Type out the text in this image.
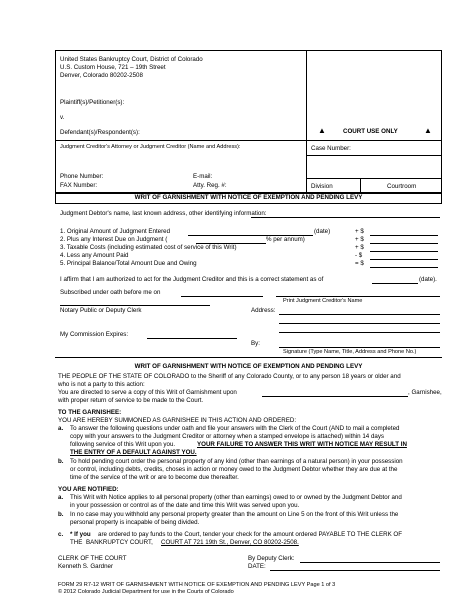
United States Bankruptcy Court, District of Colorado
U.S. Custom House, 721 – 19th Street
Denver, Colorado 80202-2508
Plaintiff(s)/Petitioner(s):
v.
Defendant(s)/Respondent(s):	▲	COURT USE ONLY	▲
Judgment Creditor's Attorney or Judgment Creditor (Name and Address):	Case Number:
Phone Number:	E-mail:
FAX Number:	Atty. Reg. #:	Division	Courtroom
WRIT OF GARNISHMENT WITH NOTICE OF EXEMPTION AND PENDING LEVY
Judgment Debtor's name, last known address, other identifying information:
1. Original Amount of Judgment Entered	(date)	+ $
2. Plus any Interest Due on Judgment (	% per annum)	+ $
3. Taxable Costs (including estimated cost of service of this Writ)	+ $
4. Less any Amount Paid	- $
5. Principal Balance/Total Amount Due and Owing	= $
I affirm that I am authorized to act for the Judgment Creditor and this is a correct statement as of	(date).
Subscribed under oath before me on
Print Judgment Creditor's Name
Address:
Notary Public or Deputy Clerk
My Commission Expires:
By:
Signature (Type Name, Title, Address and Phone No.)
WRIT OF GARNISHMENT WITH NOTICE OF EXEMPTION AND PENDING LEVY
THE PEOPLE OF THE STATE OF COLORADO to the Sheriff of any Colorado County, or to any person 18 years or older and
who is not a party to this action:
You are directed to serve a copy of this Writ of Garnishment upon	, Garnishee,
with proper return of service to be made to the Court.
TO THE GARNISHEE:
YOU ARE HEREBY SUMMONED AS GARNISHEE IN THIS ACTION AND ORDERED:
a. To answer the following questions under oath and file your answers with the Clerk of the Court (AND to mail a completed
copy with your answers to the Judgment Creditor or attorney when a stamped envelope is attached) within 14 days
following service of this Writ upon you.	YOUR FAILURE TO ANSWER THIS WRIT WITH NOTICE MAY RESULT IN
THE ENTRY OF A DEFAULT AGAINST YOU.
b. To hold pending court order the personal property of any kind (other than earnings of a natural person) in your possession
or control, including debts, credits, choses in action or money owed to the Judgment Debtor whether they are due at the
time of the service of the writ or are to become due thereafter.
YOU ARE NOTIFIED:
a. This Writ with Notice applies to all personal property (other than earnings) owed to or owned by the Judgment Debtor and
in your possession or control as of the date and time this Writ was served upon you.
b. In no case may you withhold any personal property greater than the amount on Line 5 on the front of this Writ unless the
personal property is incapable of being divided.
c. * If you are ordered to pay funds to the Court, tender your check for the amount ordered PAYABLE TO THE CLERK OF
THE BANKRUPTCY COURT, COURT AT 721 19th St., Denver, CO 80202-2508.
CLERK OF THE COURT
Kenneth S. Gardner
By Deputy Clerk:
DATE:
FORM 29 R7-12 WRIT OF GARNISHMENT WITH NOTICE OF EXEMPTION AND PENDING LEVY Page 1 of 3
© 2012 Colorado Judicial Department for use in the Courts of Colorado
